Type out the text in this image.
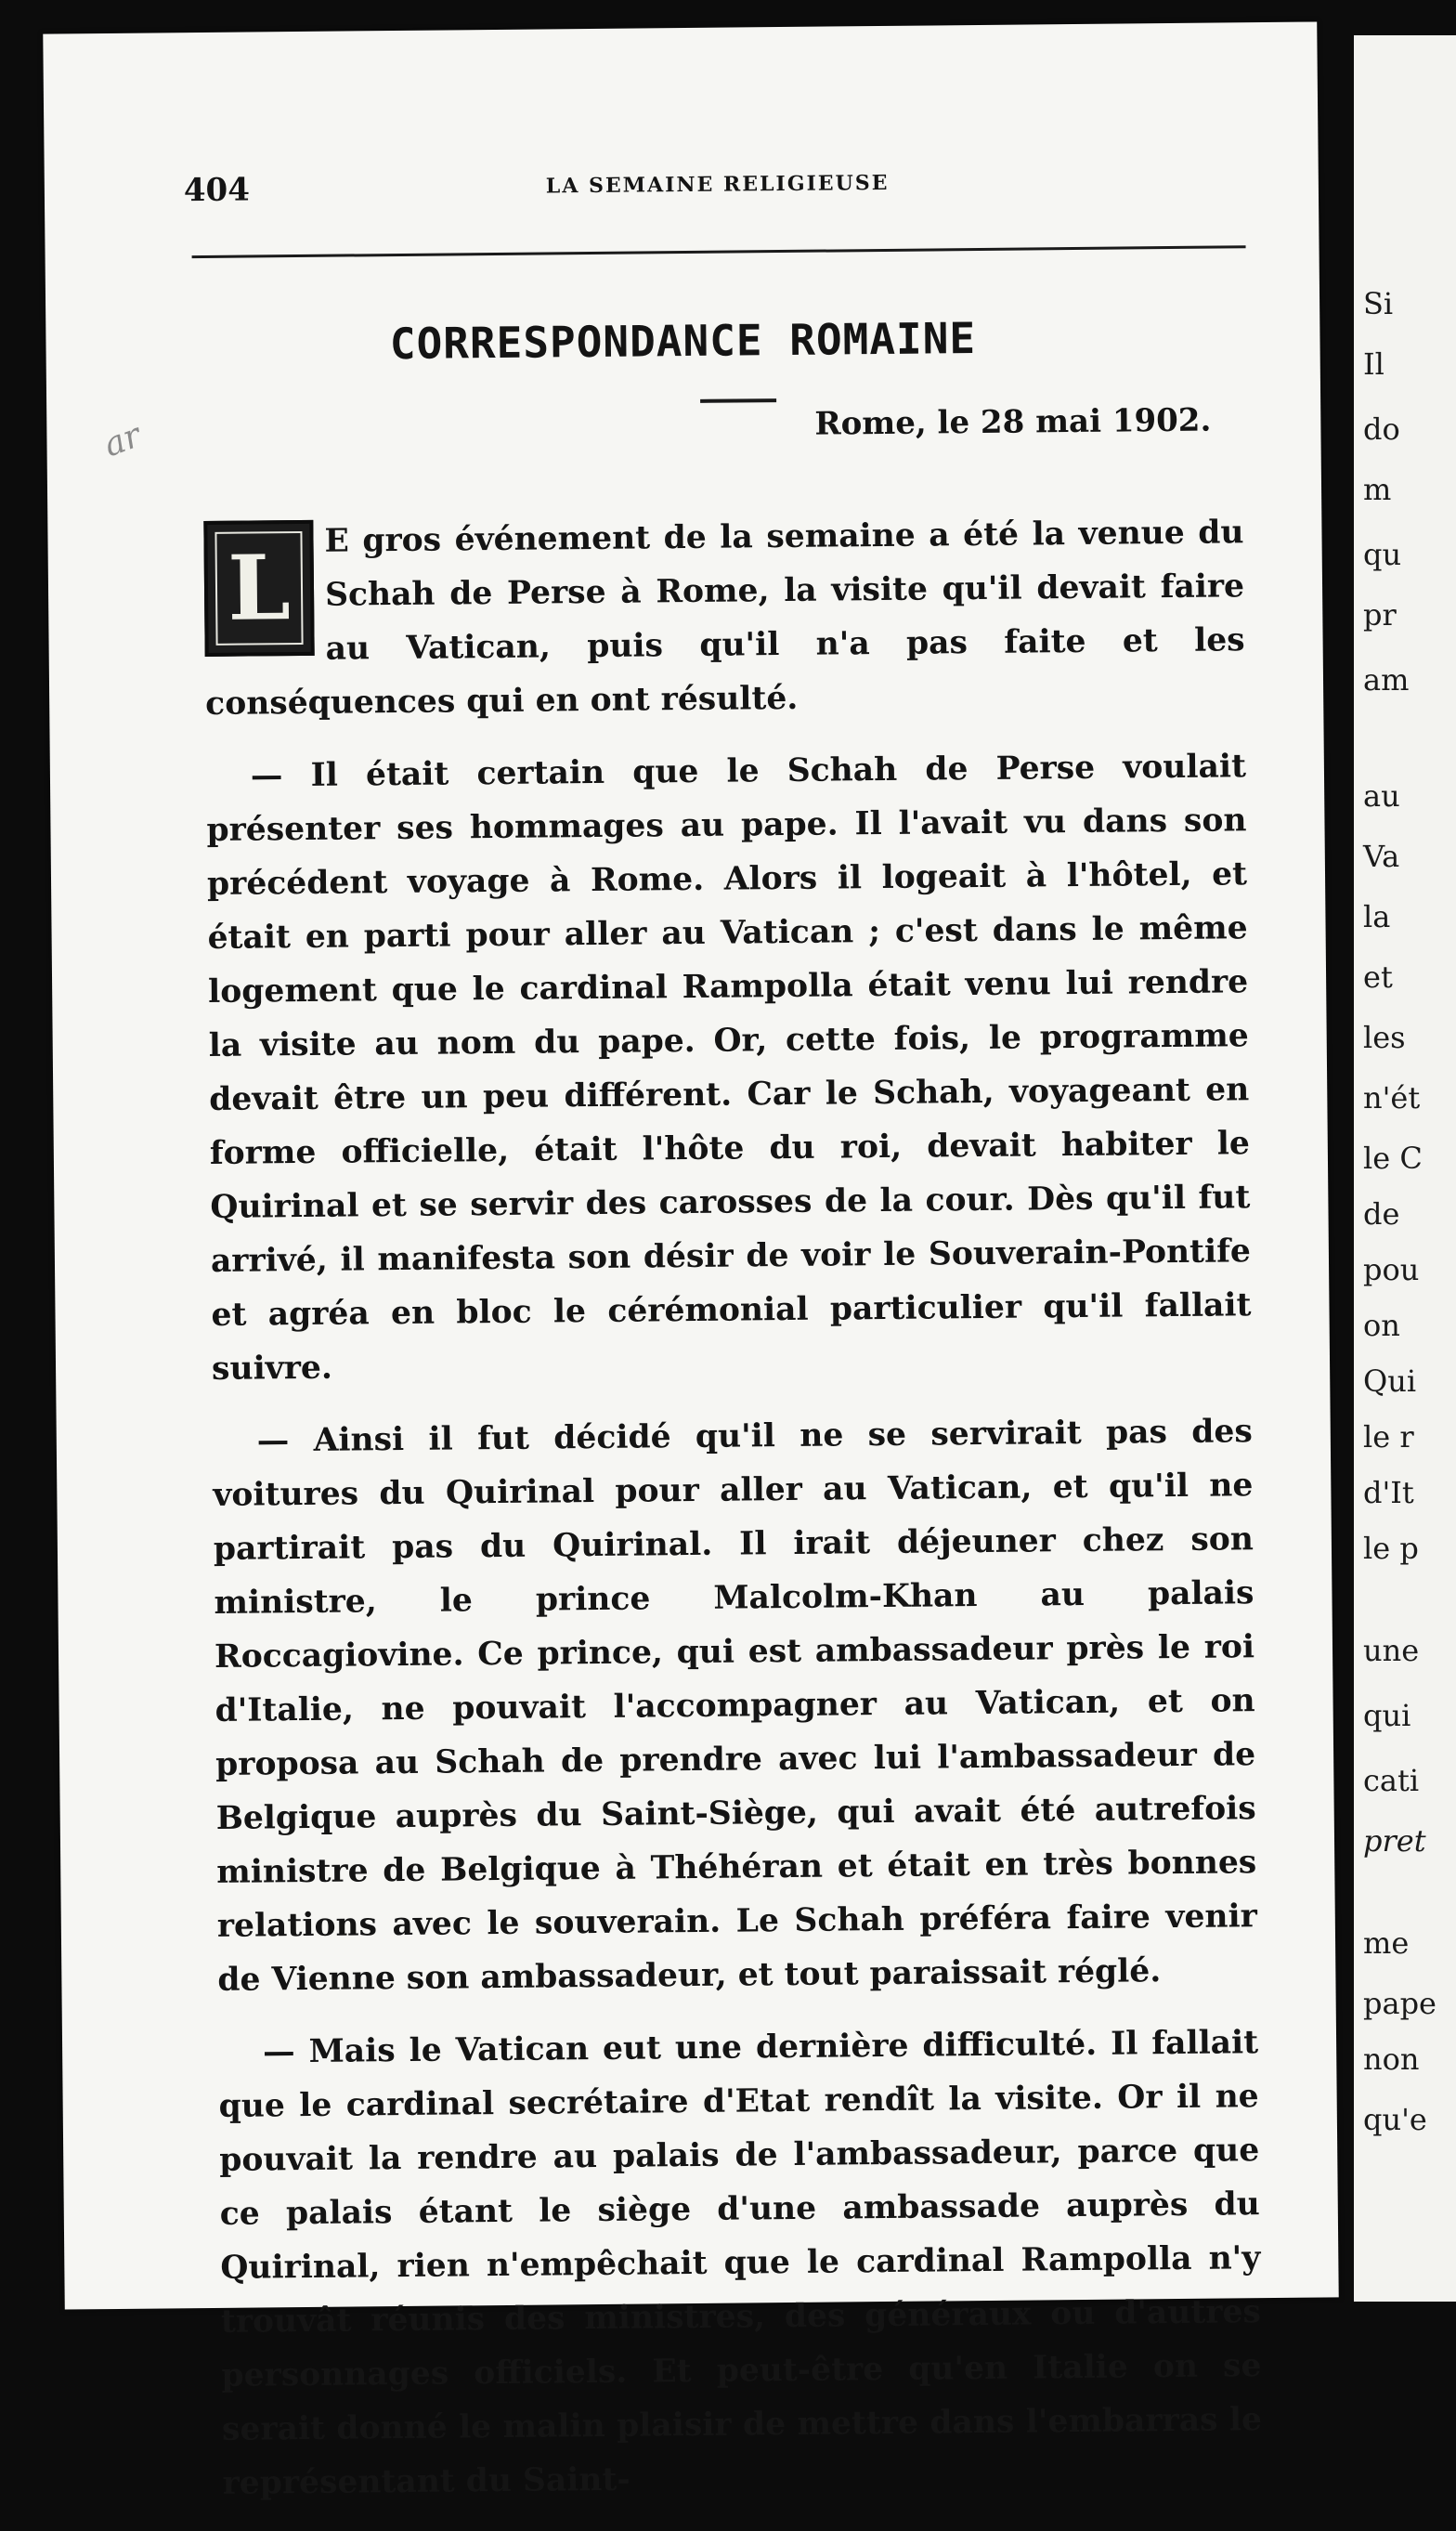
404	LA SEMAINE RELIGIEUSE
ar
CORRESPONDANCE ROMAINE
Rome, le 28 mai 1902.

L E gros événement de la semaine a été la venue du Schah de Perse à Rome, la visite qu'il devait faire au Vatican, puis qu'il n'a pas faite et les conséquences qui en ont résulté.

— Il était certain que le Schah de Perse voulait présenter ses hommages au pape. Il l'avait vu dans son précédent voyage à Rome. Alors il logeait à l'hôtel, et était en parti pour aller au Vatican ; c'est dans le même logement que le cardinal Rampolla était venu lui rendre la visite au nom du pape. Or, cette fois, le programme devait être un peu différent. Car le Schah, voyageant en forme officielle, était l'hôte du roi, devait habiter le Quirinal et se servir des carosses de la cour. Dès qu'il fut arrivé, il manifesta son désir de voir le Souverain-Pontife et agréa en bloc le cérémonial particulier qu'il fallait suivre.

— Ainsi il fut décidé qu'il ne se servirait pas des voitures du Quirinal pour aller au Vatican, et qu'il ne partirait pas du Quirinal. Il irait déjeuner chez son ministre, le prince Malcolm-Khan au palais Roccagiovine. Ce prince, qui est ambassadeur près le roi d'Italie, ne pouvait l'accompagner au Vatican, et on proposa au Schah de prendre avec lui l'ambassadeur de Belgique auprès du Saint-Siège, qui avait été autrefois ministre de Belgique à Théhéran et était en très bonnes relations avec le souverain. Le Schah préféra faire venir de Vienne son ambassadeur, et tout paraissait réglé.

— Mais le Vatican eut une dernière difficulté. Il fallait que le cardinal secrétaire d'Etat rendît la visite. Or il ne pouvait la rendre au palais de l'ambassadeur, parce que ce palais étant le siège d'une ambassade auprès du Quirinal, rien n'empêchait que le cardinal Rampolla n'y trouvât réunis des ministres, des généraux ou d'autres personnages officiels. Et peut-être qu'en Italie on se serait donné le malin plaisir de mettre dans l'embarras le représentant du Saint-

Si
Il
do
m
qu
pr
am
au
Va
la
et
les
n'ét
le C
de
pou
on
Qui
le r
d'It
le p
une
qui
cati
pret
me
pape
non
qu'e
